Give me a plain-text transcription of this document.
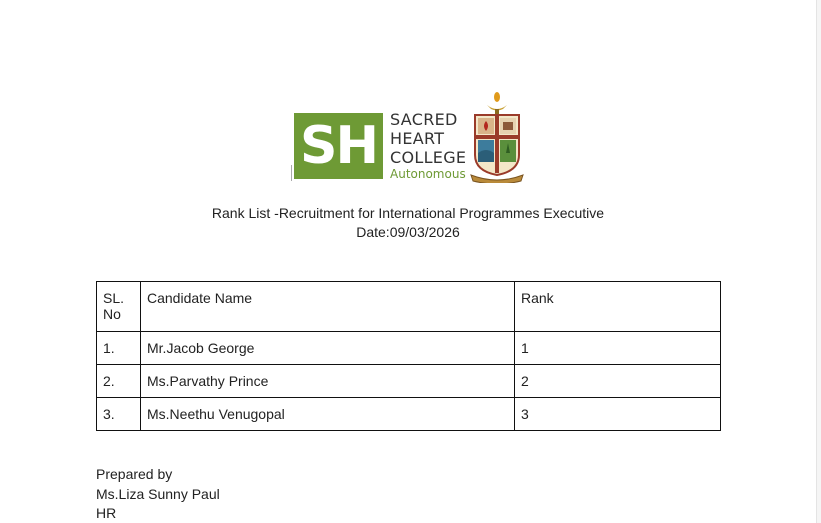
SH SACRED
HEART
COLLEGE
Autonomous
Rank List -Recruitment for International Programmes Executive
Date:09/03/2026
SL. No	Candidate Name	Rank
1.	Mr.Jacob George	1
2.	Ms.Parvathy Prince	2
3.	Ms.Neethu Venugopal	3
Prepared by
Ms.Liza Sunny Paul
HR
